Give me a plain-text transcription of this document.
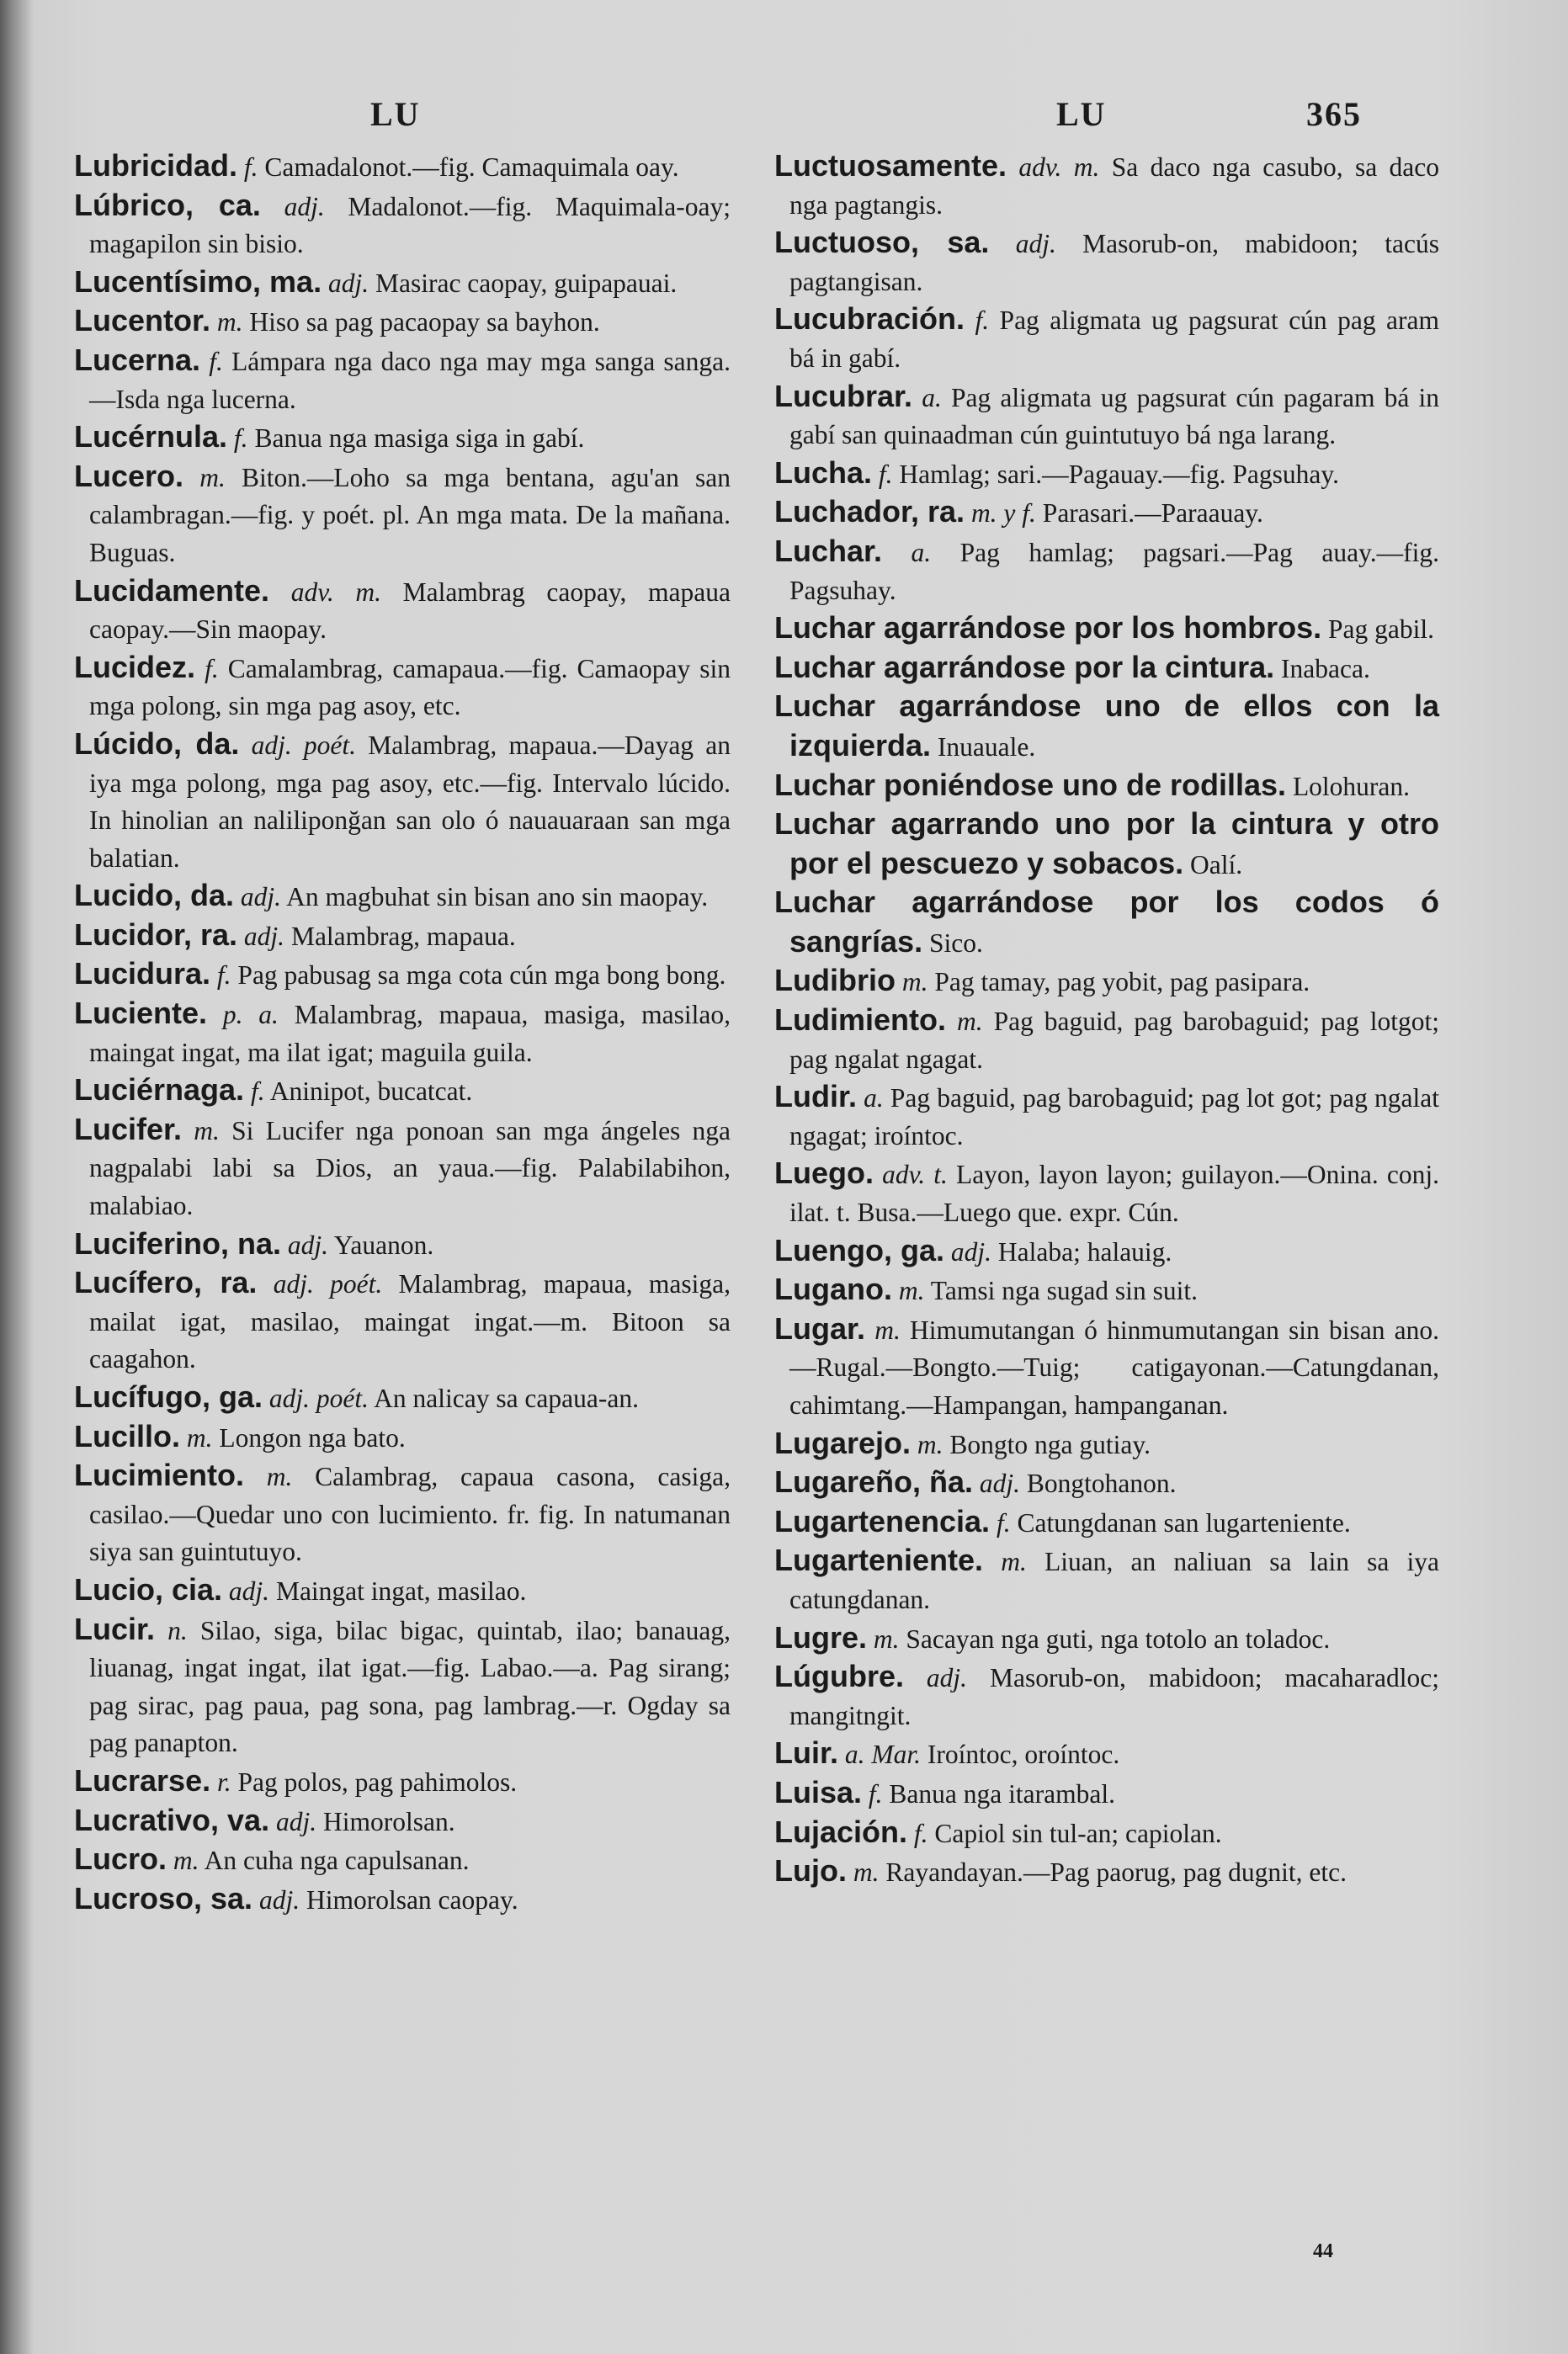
LU	LU	365

Lubricidad. f. Camadalonot.—fig. Camaquimala oay.

Lúbrico, ca. adj. Madalonot.—fig. Maquimala-oay; magapilon sin bisio.

Lucentísimo, ma. adj. Masirac caopay, guipapauai.

Lucentor. m. Hiso sa pag pacaopay sa bayhon.

Lucerna. f. Lámpara nga daco nga may mga sanga sanga.—Isda nga lucerna.

Lucérnula. f. Banua nga masiga siga in gabí.

Lucero. m. Biton.—Loho sa mga bentana, agu'an san calambragan.—fig. y poét. pl. An mga mata. De la mañana. Buguas.

Lucidamente. adv. m. Malambrag caopay, mapaua caopay.—Sin maopay.

Lucidez. f. Camalambrag, camapaua.—fig. Camaopay sin mga polong, sin mga pag asoy, etc.

Lúcido, da. adj. poét. Malambrag, mapaua.—Dayag an iya mga polong, mga pag asoy, etc.—fig. Intervalo lúcido. In hinolian an naliliponğan san olo ó nauauaraan san mga balatian.

Lucido, da. adj. An magbuhat sin bisan ano sin maopay.

Lucidor, ra. adj. Malambrag, mapaua.

Lucidura. f. Pag pabusag sa mga cota cún mga bong bong.

Luciente. p. a. Malambrag, mapaua, masiga, masilao, maingat ingat, ma ilat igat; maguila guila.

Luciérnaga. f. Aninipot, bucatcat.

Lucifer. m. Si Lucifer nga ponoan san mga ángeles nga nagpalabi labi sa Dios, an yaua.—fig. Palabilabihon, malabiao.

Luciferino, na. adj. Yauanon.

Lucífero, ra. adj. poét. Malambrag, mapaua, masiga, mailat igat, masilao, maingat ingat.—m. Bitoon sa caagahon.

Lucífugo, ga. adj. poét. An nalicay sa capaua-an.

Lucillo. m. Longon nga bato.

Lucimiento. m. Calambrag, capaua casona, casiga, casilao.—Quedar uno con lucimiento. fr. fig. In natumanan siya san guintutuyo.

Lucio, cia. adj. Maingat ingat, masilao.

Lucir. n. Silao, siga, bilac bigac, quintab, ilao; banauag, liuanag, ingat ingat, ilat igat.—fig. Labao.—a. Pag sirang; pag sirac, pag paua, pag sona, pag lambrag.—r. Ogday sa pag panapton.

Lucrarse. r. Pag polos, pag pahimolos.

Lucrativo, va. adj. Himorolsan.

Lucro. m. An cuha nga capulsanan.

Lucroso, sa. adj. Himorolsan caopay.

Luctuosamente. adv. m. Sa daco nga casubo, sa daco nga pagtangis.

Luctuoso, sa. adj. Masorub-on, mabidoon; tacús pagtangisan.

Lucubración. f. Pag aligmata ug pagsurat cún pag aram bá in gabí.

Lucubrar. a. Pag aligmata ug pagsurat cún pagaram bá in gabí san quinaadman cún guintutuyo bá nga larang.

Lucha. f. Hamlag; sari.—Pagauay.—fig. Pagsuhay.

Luchador, ra. m. y f. Parasari.—Paraauay.

Luchar. a. Pag hamlag; pagsari.—Pag auay.—fig. Pagsuhay.

Luchar agarrándose por los hombros. Pag gabil.

Luchar agarrándose por la cintura. Inabaca.

Luchar agarrándose uno de ellos con la izquierda. Inuauale.

Luchar poniéndose uno de rodillas. Lolohuran.

Luchar agarrando uno por la cintura y otro por el pescuezo y sobacos. Oalí.

Luchar agarrándose por los codos ó sangrías. Sico.

Ludibrio m. Pag tamay, pag yobit, pag pasipara.

Ludimiento. m. Pag baguid, pag barobaguid; pag lotgot; pag ngalat ngagat.

Ludir. a. Pag baguid, pag barobaguid; pag lot got; pag ngalat ngagat; iroíntoc.

Luego. adv. t. Layon, layon layon; guilayon.—Onina. conj. ilat. t. Busa.—Luego que. expr. Cún.

Luengo, ga. adj. Halaba; halauig.

Lugano. m. Tamsi nga sugad sin suit.

Lugar. m. Himumutangan ó hinmumutangan sin bisan ano.—Rugal.—Bongto.—Tuig; catigayonan.—Catungdanan, cahimtang.—Hampangan, hampanganan.

Lugarejo. m. Bongto nga gutiay.

Lugareño, ña. adj. Bongtohanon.

Lugartenencia. f. Catungdanan san lugarteniente.

Lugarteniente. m. Liuan, an naliuan sa lain sa iya catungdanan.

Lugre. m. Sacayan nga guti, nga totolo an toladoc.

Lúgubre. adj. Masorub-on, mabidoon; macaharadloc; mangitngit.

Luir. a. Mar. Iroíntoc, oroíntoc.

Luisa. f. Banua nga itarambal.

Lujación. f. Capiol sin tul-an; capiolan.

Lujo. m. Rayandayan.—Pag paorug, pag dugnit, etc.

44
